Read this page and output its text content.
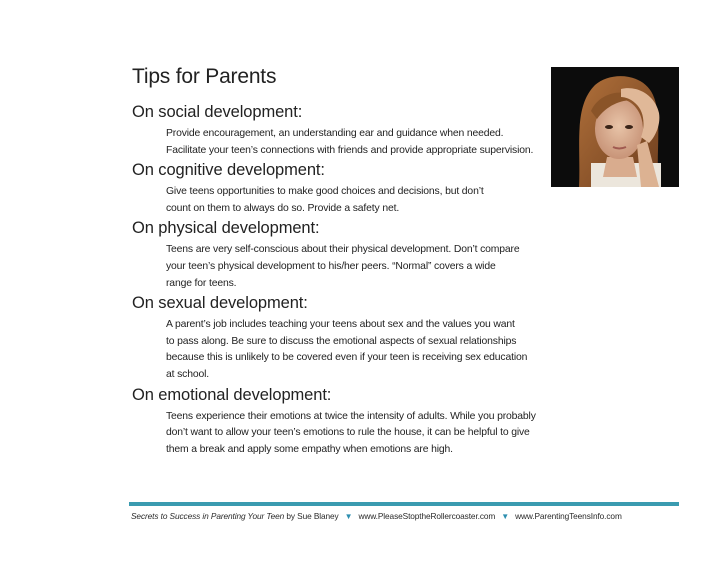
Tips for Parents
On social development:
Provide encouragement, an understanding ear and guidance when needed.
Facilitate your teen’s connections with friends and provide appropriate supervision.
On cognitive development:
Give teens opportunities to make good choices and decisions, but don’t
count on them to always do so. Provide a safety net.
On physical development:
Teens are very self-conscious about their physical development. Don’t compare
your teen’s physical development to his/her peers. “Normal” covers a wide
range for teens.
On sexual development:
A parent’s job includes teaching your teens about sex and the values you want
to pass along. Be sure to discuss the emotional aspects of sexual relationships
because this is unlikely to be covered even if your teen is receiving sex education
at school.
On emotional development:
Teens experience their emotions at twice the intensity of adults. While you probably
don’t want to allow your teen’s emotions to rule the house, it can be helpful to give
them a break and apply some empathy when emotions are high.
Secrets to Success in Parenting Your Teen by Sue Blaney ▼ www.PleaseStoptheRollercoaster.com ▼ www.ParentingTeensInfo.com
